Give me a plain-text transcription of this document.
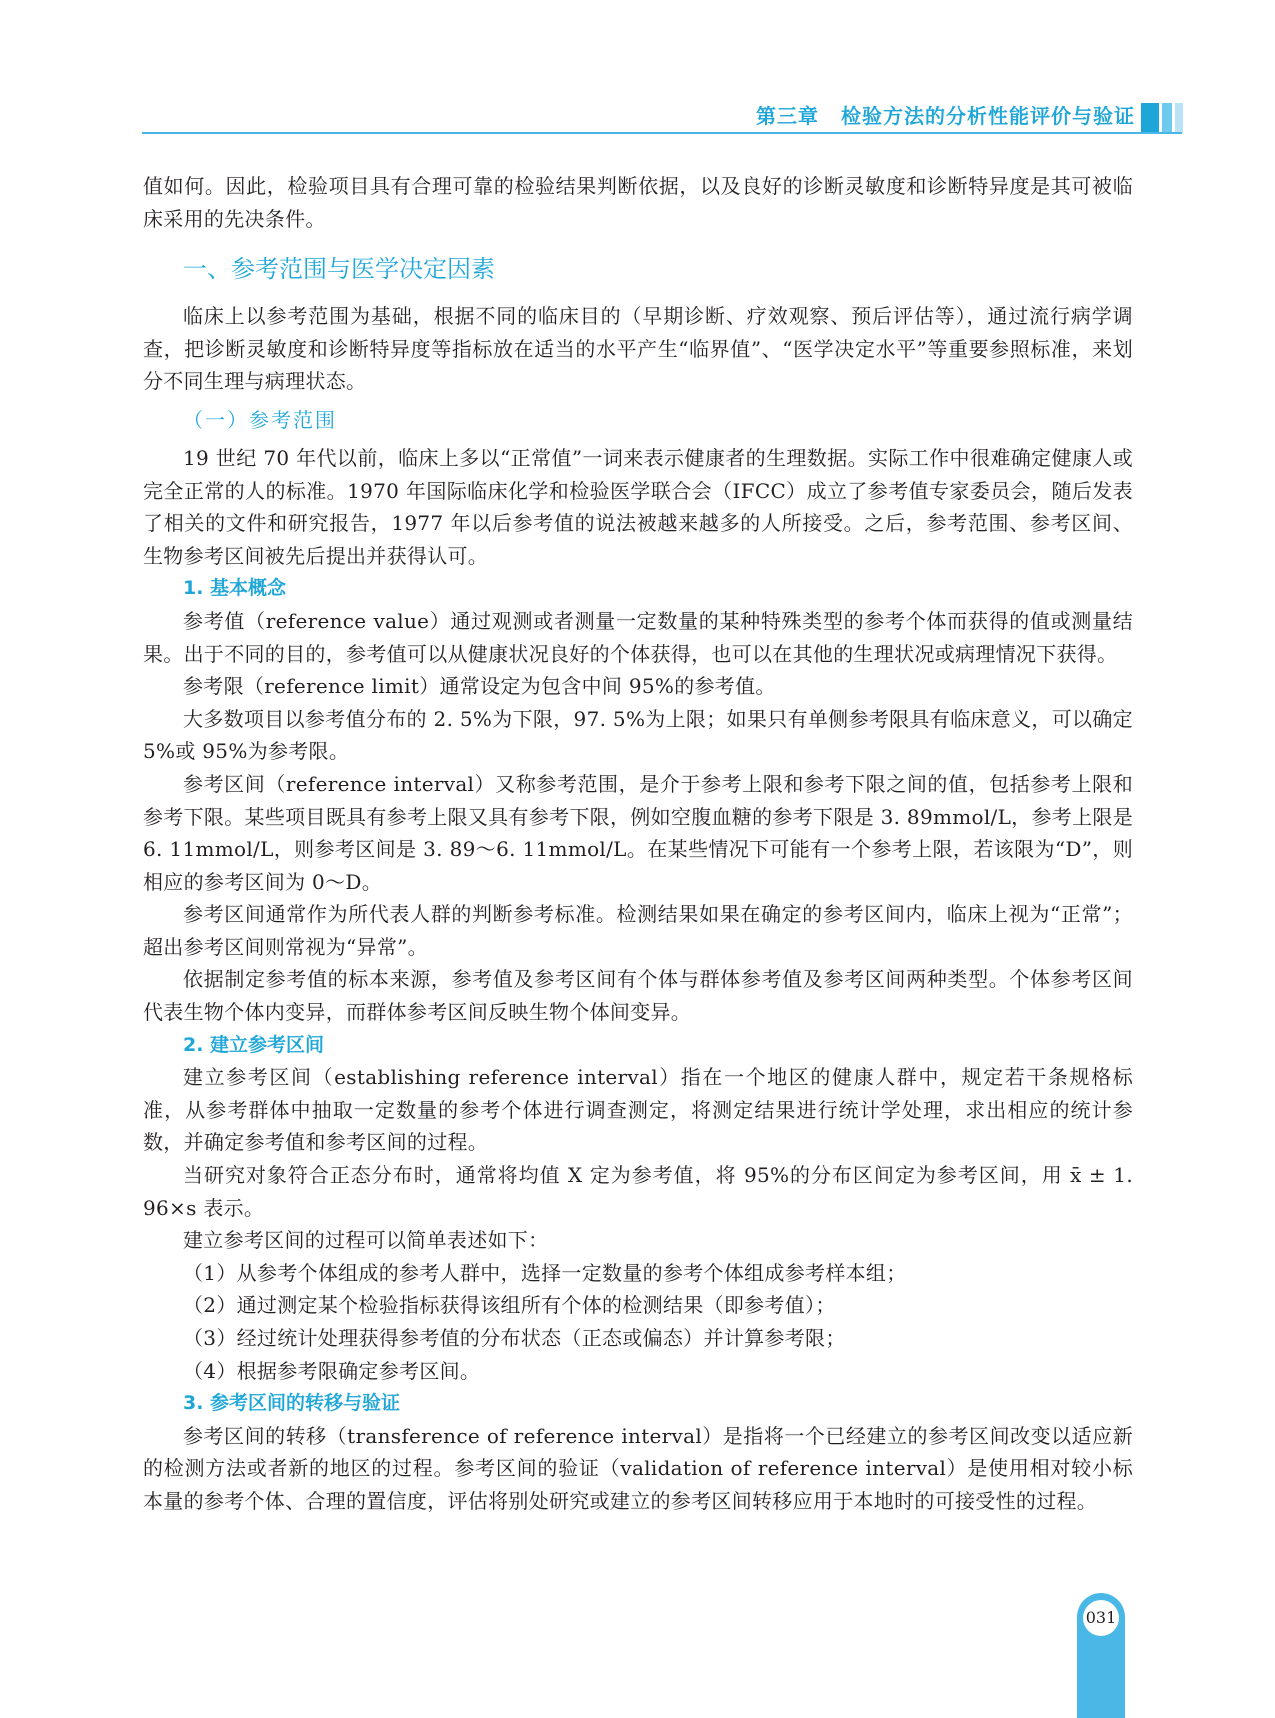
第三章 检验方法的分析性能评价与验证

值如何。因此，检验项目具有合理可靠的检验结果判断依据，以及良好的诊断灵敏度和诊断特异度是其可被临床采用的先决条件。

一、参考范围与医学决定因素

临床上以参考范围为基础，根据不同的临床目的（早期诊断、疗效观察、预后评估等），通过流行病学调查，把诊断灵敏度和诊断特异度等指标放在适当的水平产生“临界值”、“医学决定水平”等重要参照标准，来划分不同生理与病理状态。

（一）参考范围

19 世纪 70 年代以前，临床上多以“正常值”一词来表示健康者的生理数据。实际工作中很难确定健康人或完全正常的人的标准。1970 年国际临床化学和检验医学联合会（IFCC）成立了参考值专家委员会，随后发表了相关的文件和研究报告，1977 年以后参考值的说法被越来越多的人所接受。之后，参考范围、参考区间、生物参考区间被先后提出并获得认可。

1. 基本概念

参考值（reference value）通过观测或者测量一定数量的某种特殊类型的参考个体而获得的值或测量结果。出于不同的目的，参考值可以从健康状况良好的个体获得，也可以在其他的生理状况或病理情况下获得。

参考限（reference limit）通常设定为包含中间 95%的参考值。

大多数项目以参考值分布的 2. 5%为下限，97. 5%为上限；如果只有单侧参考限具有临床意义，可以确定 5%或 95%为参考限。

参考区间（reference interval）又称参考范围，是介于参考上限和参考下限之间的值，包括参考上限和参考下限。某些项目既具有参考上限又具有参考下限，例如空腹血糖的参考下限是 3. 89mmol/L，参考上限是 6. 11mmol/L，则参考区间是 3. 89～6. 11mmol/L。在某些情况下可能有一个参考上限，若该限为“D”，则相应的参考区间为 0～D。

参考区间通常作为所代表人群的判断参考标准。检测结果如果在确定的参考区间内，临床上视为“正常”；超出参考区间则常视为“异常”。

依据制定参考值的标本来源，参考值及参考区间有个体与群体参考值及参考区间两种类型。个体参考区间代表生物个体内变异，而群体参考区间反映生物个体间变异。

2. 建立参考区间

建立参考区间（establishing reference interval）指在一个地区的健康人群中，规定若干条规格标准，从参考群体中抽取一定数量的参考个体进行调查测定，将测定结果进行统计学处理，求出相应的统计参数，并确定参考值和参考区间的过程。

当研究对象符合正态分布时，通常将均值 X 定为参考值，将 95%的分布区间定为参考区间，用 x̄ ± 1. 96×s 表示。

建立参考区间的过程可以简单表述如下：

（1）从参考个体组成的参考人群中，选择一定数量的参考个体组成参考样本组；

（2）通过测定某个检验指标获得该组所有个体的检测结果（即参考值）；

（3）经过统计处理获得参考值的分布状态（正态或偏态）并计算参考限；

（4）根据参考限确定参考区间。

3. 参考区间的转移与验证

参考区间的转移（transference of reference interval）是指将一个已经建立的参考区间改变以适应新的检测方法或者新的地区的过程。参考区间的验证（validation of reference interval）是使用相对较小标本量的参考个体、合理的置信度，评估将别处研究或建立的参考区间转移应用于本地时的可接受性的过程。

031
